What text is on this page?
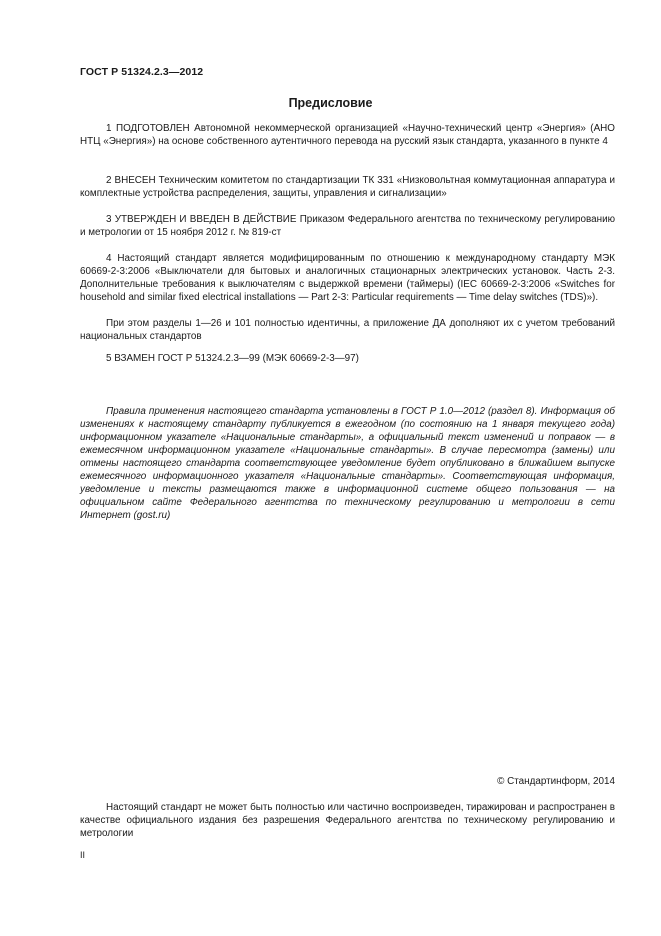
ГОСТ Р 51324.2.3—2012
Предисловие

1 ПОДГОТОВЛЕН Автономной некоммерческой организацией «Научно-технический центр «Энергия» (АНО НТЦ «Энергия») на основе собственного аутентичного перевода на русский язык стандарта, указанного в пункте 4

2 ВНЕСЕН Техническим комитетом по стандартизации ТК 331 «Низковольтная коммутационная аппаратура и комплектные устройства распределения, защиты, управления и сигнализации»

3 УТВЕРЖДЕН И ВВЕДЕН В ДЕЙСТВИЕ Приказом Федерального агентства по техническому регулированию и метрологии от 15 ноября 2012 г. № 819-ст

4 Настоящий стандарт является модифицированным по отношению к международному стандарту МЭК 60669-2-3:2006 «Выключатели для бытовых и аналогичных стационарных электрических установок. Часть 2-3. Дополнительные требования к выключателям с выдержкой времени (таймеры) (IEC 60669-2-3:2006 «Switches for household and similar fixed electrical installations — Part 2-3: Particular requirements — Time delay switches (TDS)»).

При этом разделы 1—26 и 101 полностью идентичны, а приложение ДА дополняют их с учетом требований национальных стандартов

5 ВЗАМЕН ГОСТ Р 51324.2.3—99 (МЭК 60669-2-3—97)

Правила применения настоящего стандарта установлены в ГОСТ Р 1.0—2012 (раздел 8). Информация об изменениях к настоящему стандарту публикуется в ежегодном (по состоянию на 1 января текущего года) информационном указателе «Национальные стандарты», а официальный текст изменений и поправок — в ежемесячном информационном указателе «Национальные стандарты». В случае пересмотра (замены) или отмены настоящего стандарта соответствующее уведомление будет опубликовано в ближайшем выпуске ежемесячного информационного указателя «Национальные стандарты». Соответствующая информация, уведомление и тексты размещаются также в информационной системе общего пользования — на официальном сайте Федерального агентства по техническому регулированию и метрологии в сети Интернет (gost.ru)

© Стандартинформ, 2014

Настоящий стандарт не может быть полностью или частично воспроизведен, тиражирован и распространен в качестве официального издания без разрешения Федерального агентства по техническому регулированию и метрологии

II
